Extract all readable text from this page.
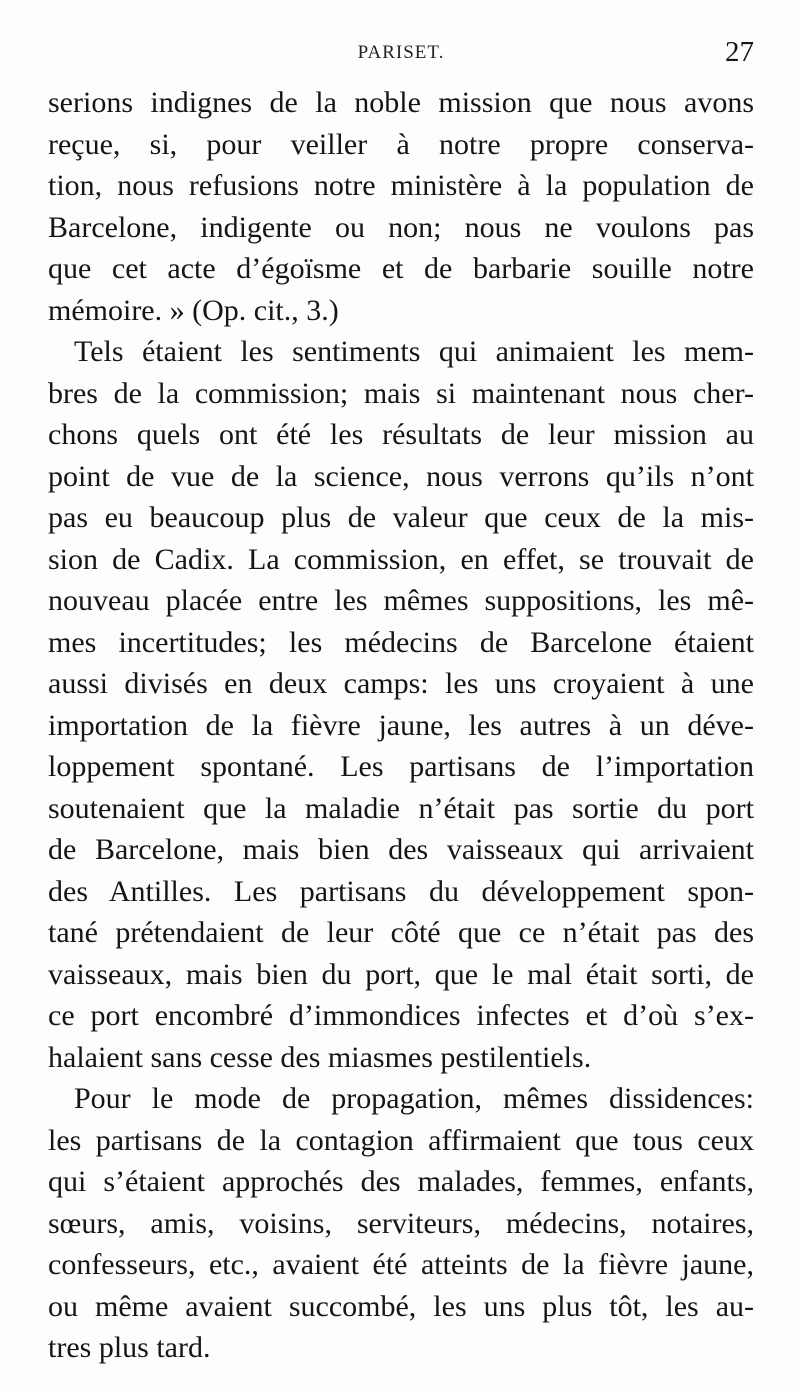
PARISET.	27
serions indignes de la noble mission que nous avons
reçue, si, pour veiller à notre propre conserva-
tion, nous refusions notre ministère à la population de
Barcelone, indigente ou non; nous ne voulons pas
que cet acte d’égoïsme et de barbarie souille notre
mémoire. » (Op. cit., 3.)
Tels étaient les sentiments qui animaient les mem-
bres de la commission; mais si maintenant nous cher-
chons quels ont été les résultats de leur mission au
point de vue de la science, nous verrons qu’ils n’ont
pas eu beaucoup plus de valeur que ceux de la mis-
sion de Cadix. La commission, en effet, se trouvait de
nouveau placée entre les mêmes suppositions, les mê-
mes incertitudes; les médecins de Barcelone étaient
aussi divisés en deux camps: les uns croyaient à une
importation de la fièvre jaune, les autres à un déve-
loppement spontané. Les partisans de l’importation
soutenaient que la maladie n’était pas sortie du port
de Barcelone, mais bien des vaisseaux qui arrivaient
des Antilles. Les partisans du développement spon-
tané prétendaient de leur côté que ce n’était pas des
vaisseaux, mais bien du port, que le mal était sorti, de
ce port encombré d’immondices infectes et d’où s’ex-
halaient sans cesse des miasmes pestilentiels.
Pour le mode de propagation, mêmes dissidences:
les partisans de la contagion affirmaient que tous ceux
qui s’étaient approchés des malades, femmes, enfants,
sœurs, amis, voisins, serviteurs, médecins, notaires,
confesseurs, etc., avaient été atteints de la fièvre jaune,
ou même avaient succombé, les uns plus tôt, les au-
tres plus tard.
